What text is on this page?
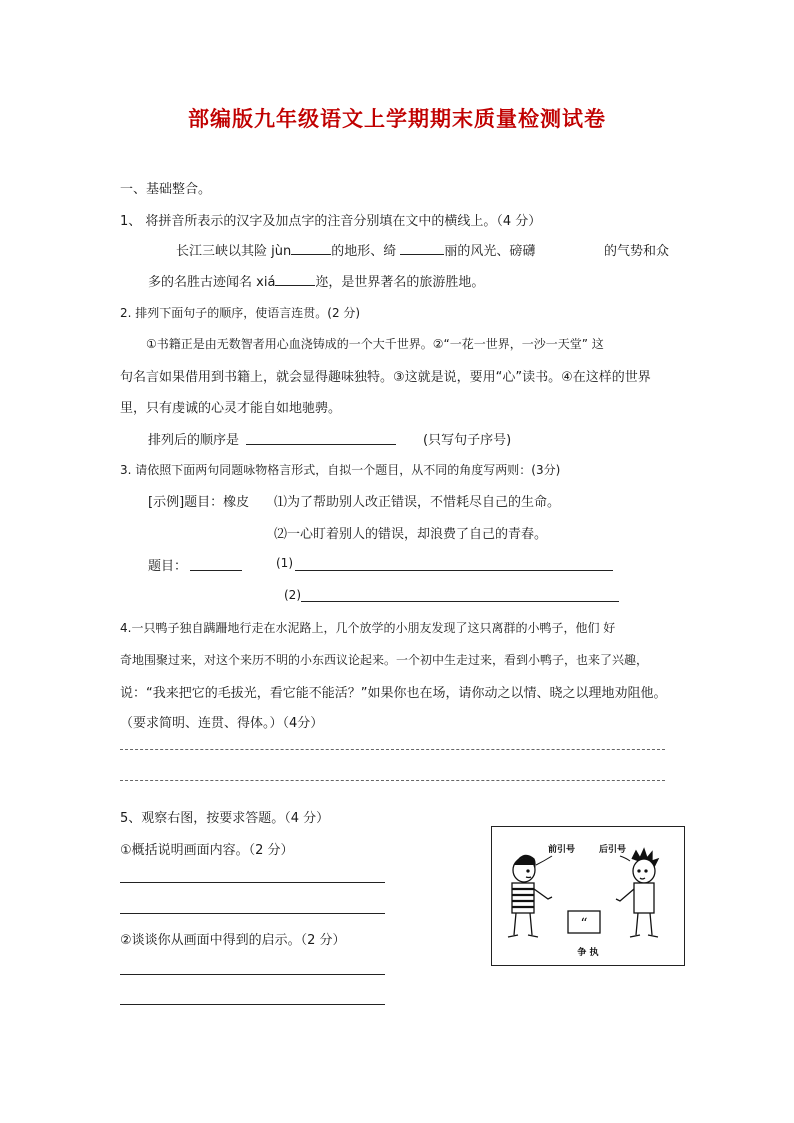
部编版九年级语文上学期期末质量检测试卷
一、基础整合。
1、 将拼音所表示的汉字及加点字的注音分别填在文中的横线上。（4 分）
长江三峡以其险 jùn	的地形、绮	丽的风光、磅礴	的气势和众
多的名胜古迹闻名 xiá	迩，是世界著名的旅游胜地。
2. 排列下面句子的顺序，使语言连贯。(2 分)
①书籍正是由无数智者用心血浇铸成的一个大千世界。②“一花一世界，一沙一天堂” 这
句名言如果借用到书籍上，就会显得趣味独特。③这就是说，要用“心”读书。④在这样的世界
里，只有虔诚的心灵才能自如地驰骋。
排列后的顺序是	(只写句子序号)
3. 请依照下面两句同题咏物格言形式，自拟一个题目，从不同的角度写两则：(3分)
[示例]题目：橡皮 ⑴为了帮助别人改正错误，不惜耗尽自己的生命。
⑵一心盯着别人的错误，却浪费了自己的青春。
题目：	(1)
(2)
4.一只鸭子独自蹒跚地行走在水泥路上，几个放学的小朋友发现了这只离群的小鸭子，他们 好
奇地围聚过来，对这个来历不明的小东西议论起来。一个初中生走过来，看到小鸭子，也来了兴趣，
说：“我来把它的毛拔光，看它能不能活？”如果你也在场，请你动之以情、晓之以理地劝阻他。
（要求简明、连贯、得体。）（4分）
5、观察右图，按要求答题。（4 分）
①概括说明画面内容。（2 分）
②谈谈你从画面中得到的启示。（2 分）
前引号	后引号
“
争 执
